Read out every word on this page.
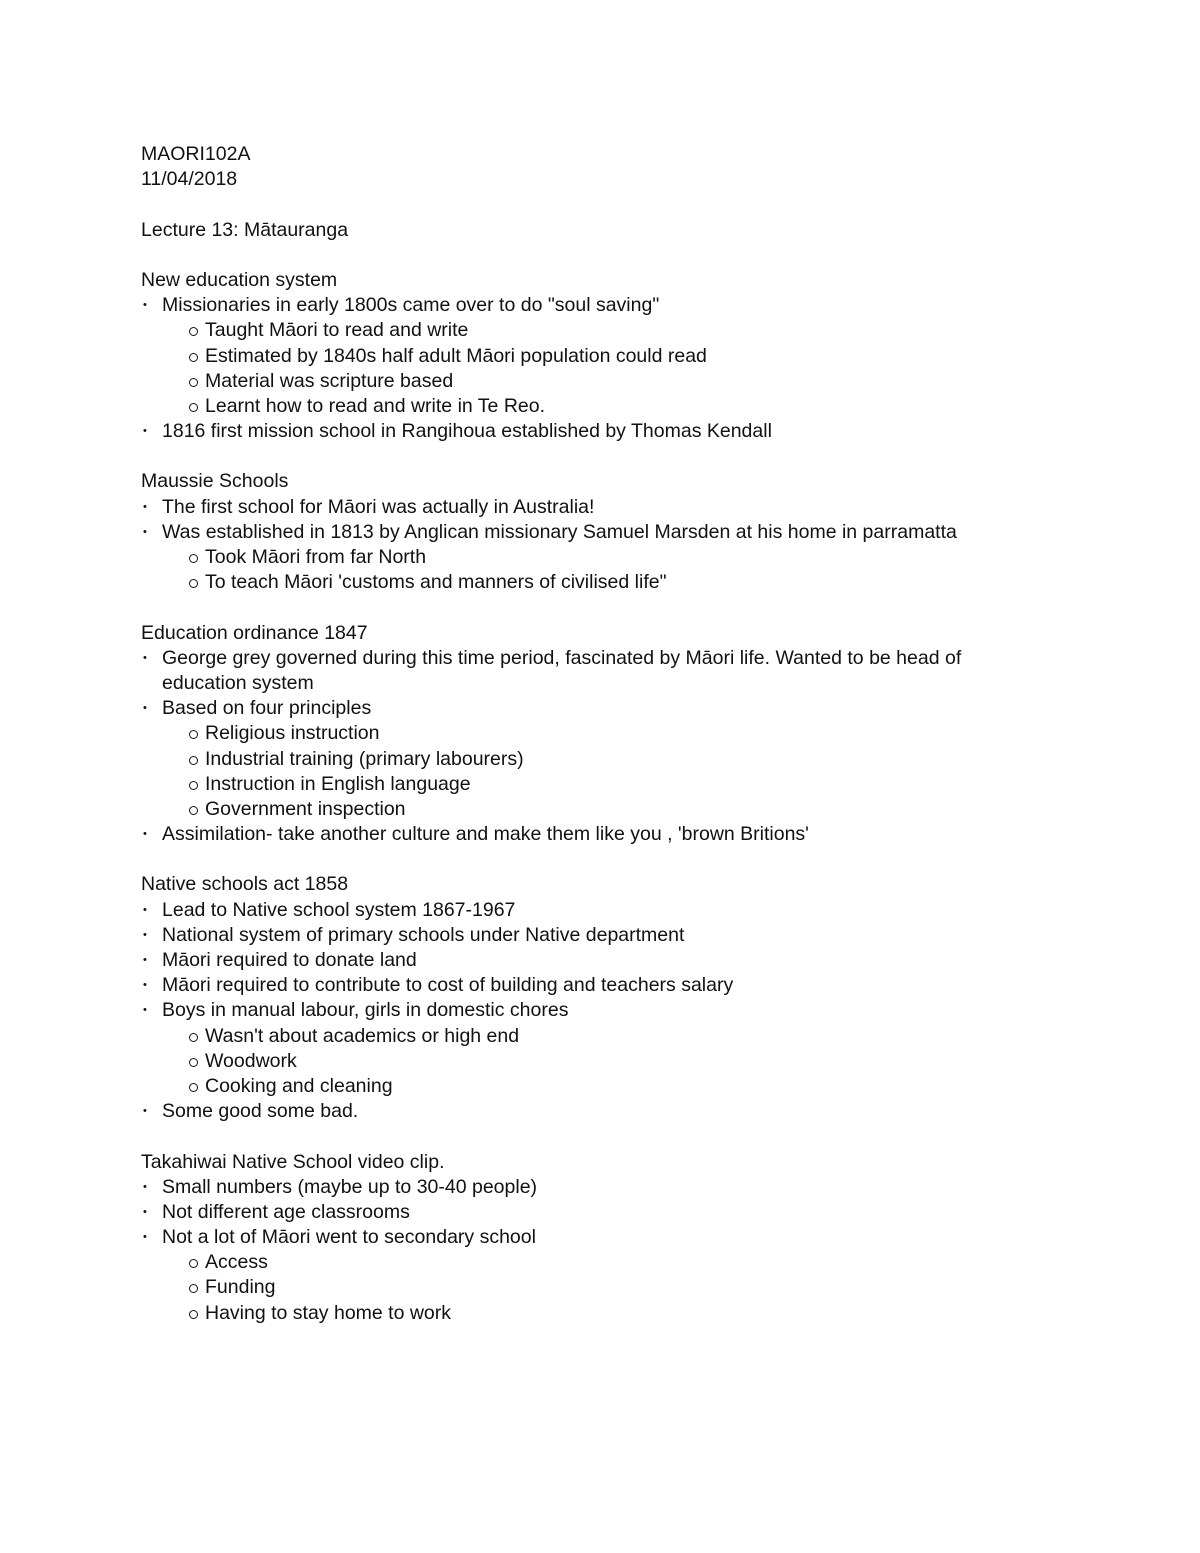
MAORI102A
11/04/2018
Lecture 13: Mātauranga
New education system
• Missionaries in early 1800s came over to do "soul saving"
Taught Māori to read and write
Estimated by 1840s half adult Māori population could read
Material was scripture based
Learnt how to read and write in Te Reo.
• 1816 first mission school in Rangihoua established by Thomas Kendall
Maussie Schools
• The first school for Māori was actually in Australia!
• Was established in 1813 by Anglican missionary Samuel Marsden at his home in parramatta
Took Māori from far North
To teach Māori 'customs and manners of civilised life"
Education ordinance 1847
• George grey governed during this time period, fascinated by Māori life. Wanted to be head of
education system
• Based on four principles
Religious instruction
Industrial training (primary labourers)
Instruction in English language
Government inspection
• Assimilation- take another culture and make them like you , 'brown Britions'
Native schools act 1858
• Lead to Native school system 1867-1967
• National system of primary schools under Native department
• Māori required to donate land
• Māori required to contribute to cost of building and teachers salary
• Boys in manual labour, girls in domestic chores
Wasn't about academics or high end
Woodwork
Cooking and cleaning
• Some good some bad.
Takahiwai Native School video clip.
• Small numbers (maybe up to 30-40 people)
• Not different age classrooms
• Not a lot of Māori went to secondary school
Access
Funding
Having to stay home to work
